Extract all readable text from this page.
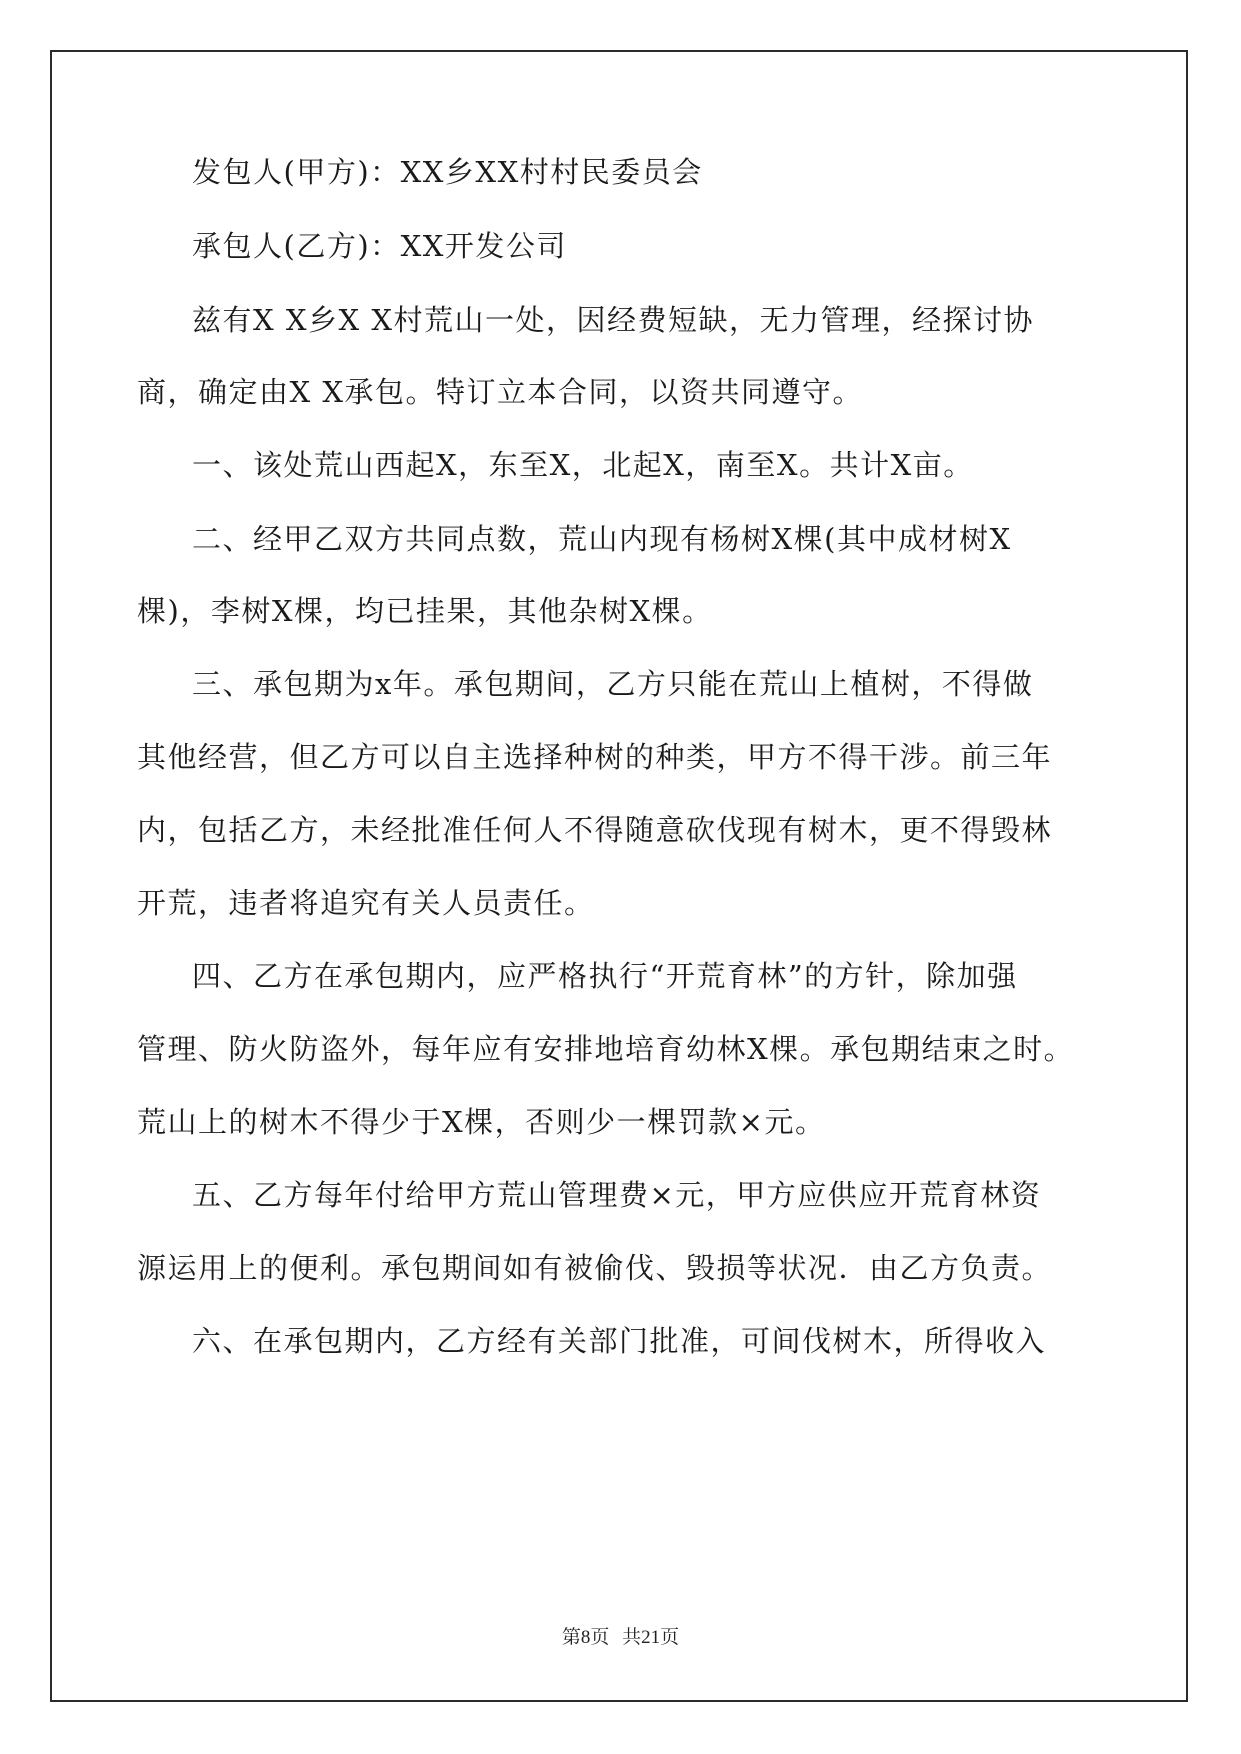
发包人(甲方)：XX乡XX村村民委员会
承包人(乙方)：XX开发公司
兹有X X乡X X村荒山一处，因经费短缺，无力管理，经探讨协
商，确定由X X承包。特订立本合同，以资共同遵守。
一、该处荒山西起X，东至X，北起X，南至X。共计X亩。
二、经甲乙双方共同点数，荒山内现有杨树X棵(其中成材树X
棵)，李树X棵，均已挂果，其他杂树X棵。
三、承包期为x年。承包期间，乙方只能在荒山上植树，不得做
其他经营，但乙方可以自主选择种树的种类，甲方不得干涉。前三年
内，包括乙方，未经批准任何人不得随意砍伐现有树木，更不得毁林
开荒，违者将追究有关人员责任。
四、乙方在承包期内，应严格执行“开荒育林”的方针，除加强
管理、防火防盗外，每年应有安排地培育幼林X棵。承包期结束之时。
荒山上的树木不得少于X棵，否则少一棵罚款×元。
五、乙方每年付给甲方荒山管理费×元，甲方应供应开荒育林资
源运用上的便利。承包期间如有被偷伐、毁损等状况．由乙方负责。
六、在承包期内，乙方经有关部门批准，可间伐树木，所得收入
第8页 共21页
